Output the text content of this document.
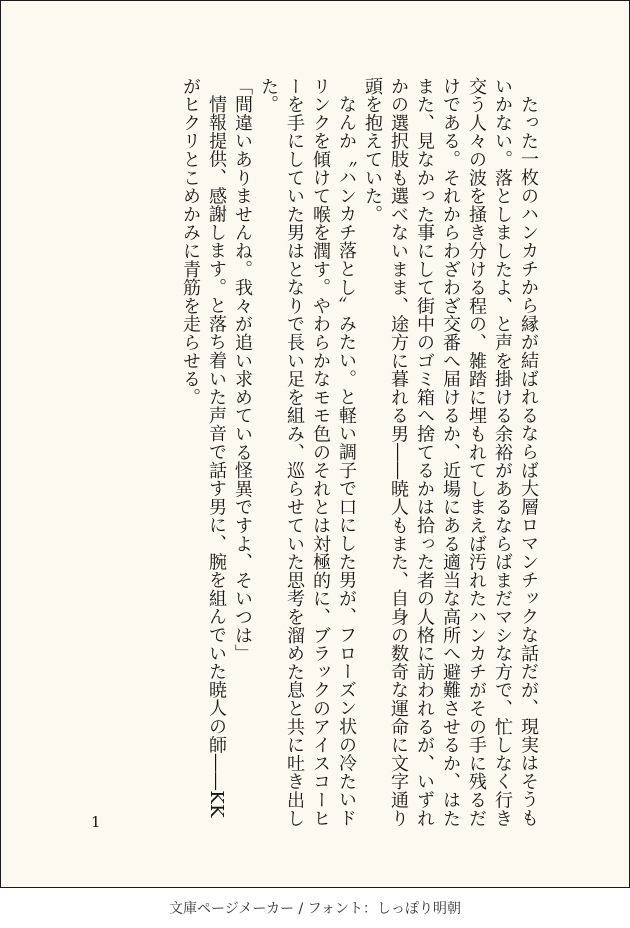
たった一枚のハンカチから縁が結ばれるならば大層ロマンチックな話だが、現実はそうもいかない。落としましたよ、と声を掛ける余裕があるならばまだマシな方で、忙しなく行き交う人々の波を掻き分ける程の、雑踏に埋もれてしまえば汚れたハンカチがその手に残るだけである。それからわざわざ交番へ届けるか、近場にある適当な高所へ避難させるか、はたまた、見なかった事にして街中のゴミ箱へ捨てるかは拾った者の人格に訪われるが、いずれかの選択肢も選べないまま、途方に暮れる男――暁人もまた、自身の数奇な運命に文字通り頭を抱えていた。

なんか〝ハンカチ落とし〟みたい。と軽い調子で口にした男が、フローズン状の冷たいドリンクを傾けて喉を潤す。やわらかなモモ色のそれとは対極的に、ブラックのアイスコーヒーを手にしていた男はとなりで長い足を組み、巡らせていた思考を溜めた息と共に吐き出した。

「間違いありませんね。我々が追い求めている怪異ですよ、そいつは」

情報提供、感謝します。と落ち着いた声音で話す男に、腕を組んでいた暁人の師――KKがヒクリとこめかみに青筋を走らせる。

1
文庫ページメーカー / フォント：しっぽり明朝
